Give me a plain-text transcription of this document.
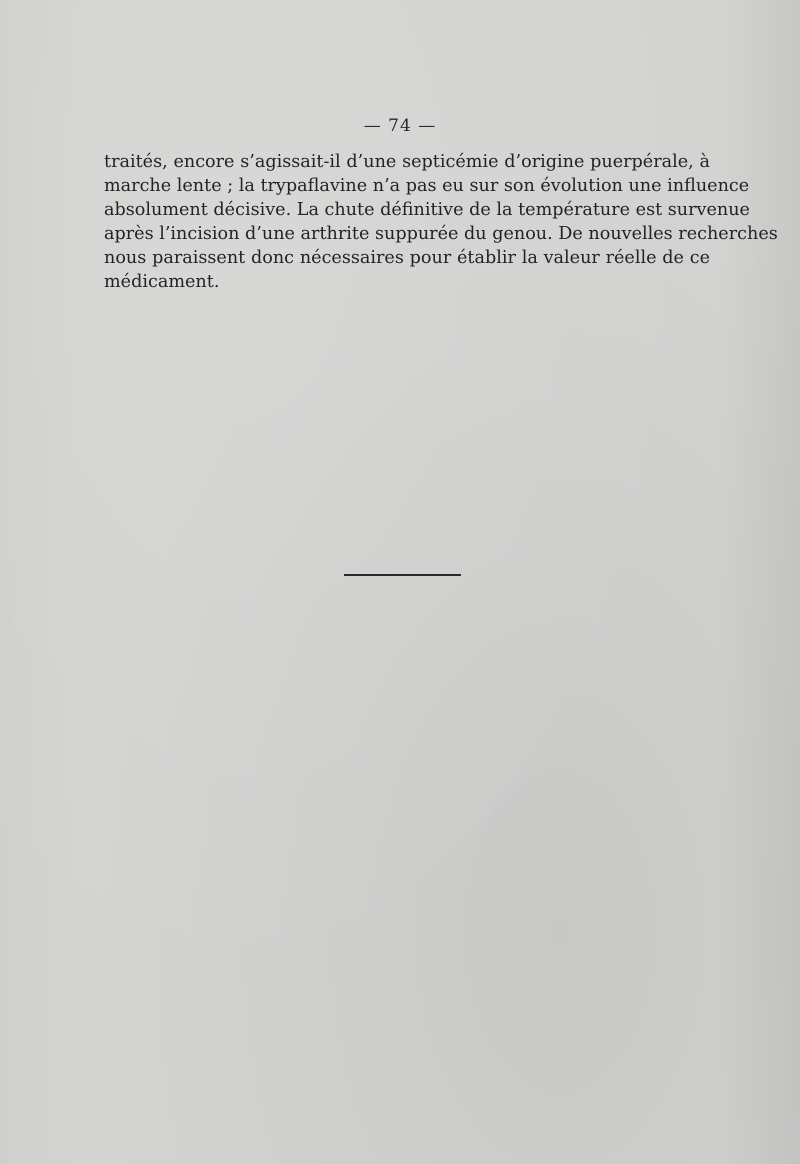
— 74 —
traités, encore s’agissait-il d’une septicémie d’origine puerpérale, à
marche lente ; la trypaflavine n’a pas eu sur son évolution une influence
absolument décisive. La chute définitive de la température est survenue
après l’incision d’une arthrite suppurée du genou. De nouvelles recherches
nous paraissent donc nécessaires pour établir la valeur réelle de ce
médicament.
